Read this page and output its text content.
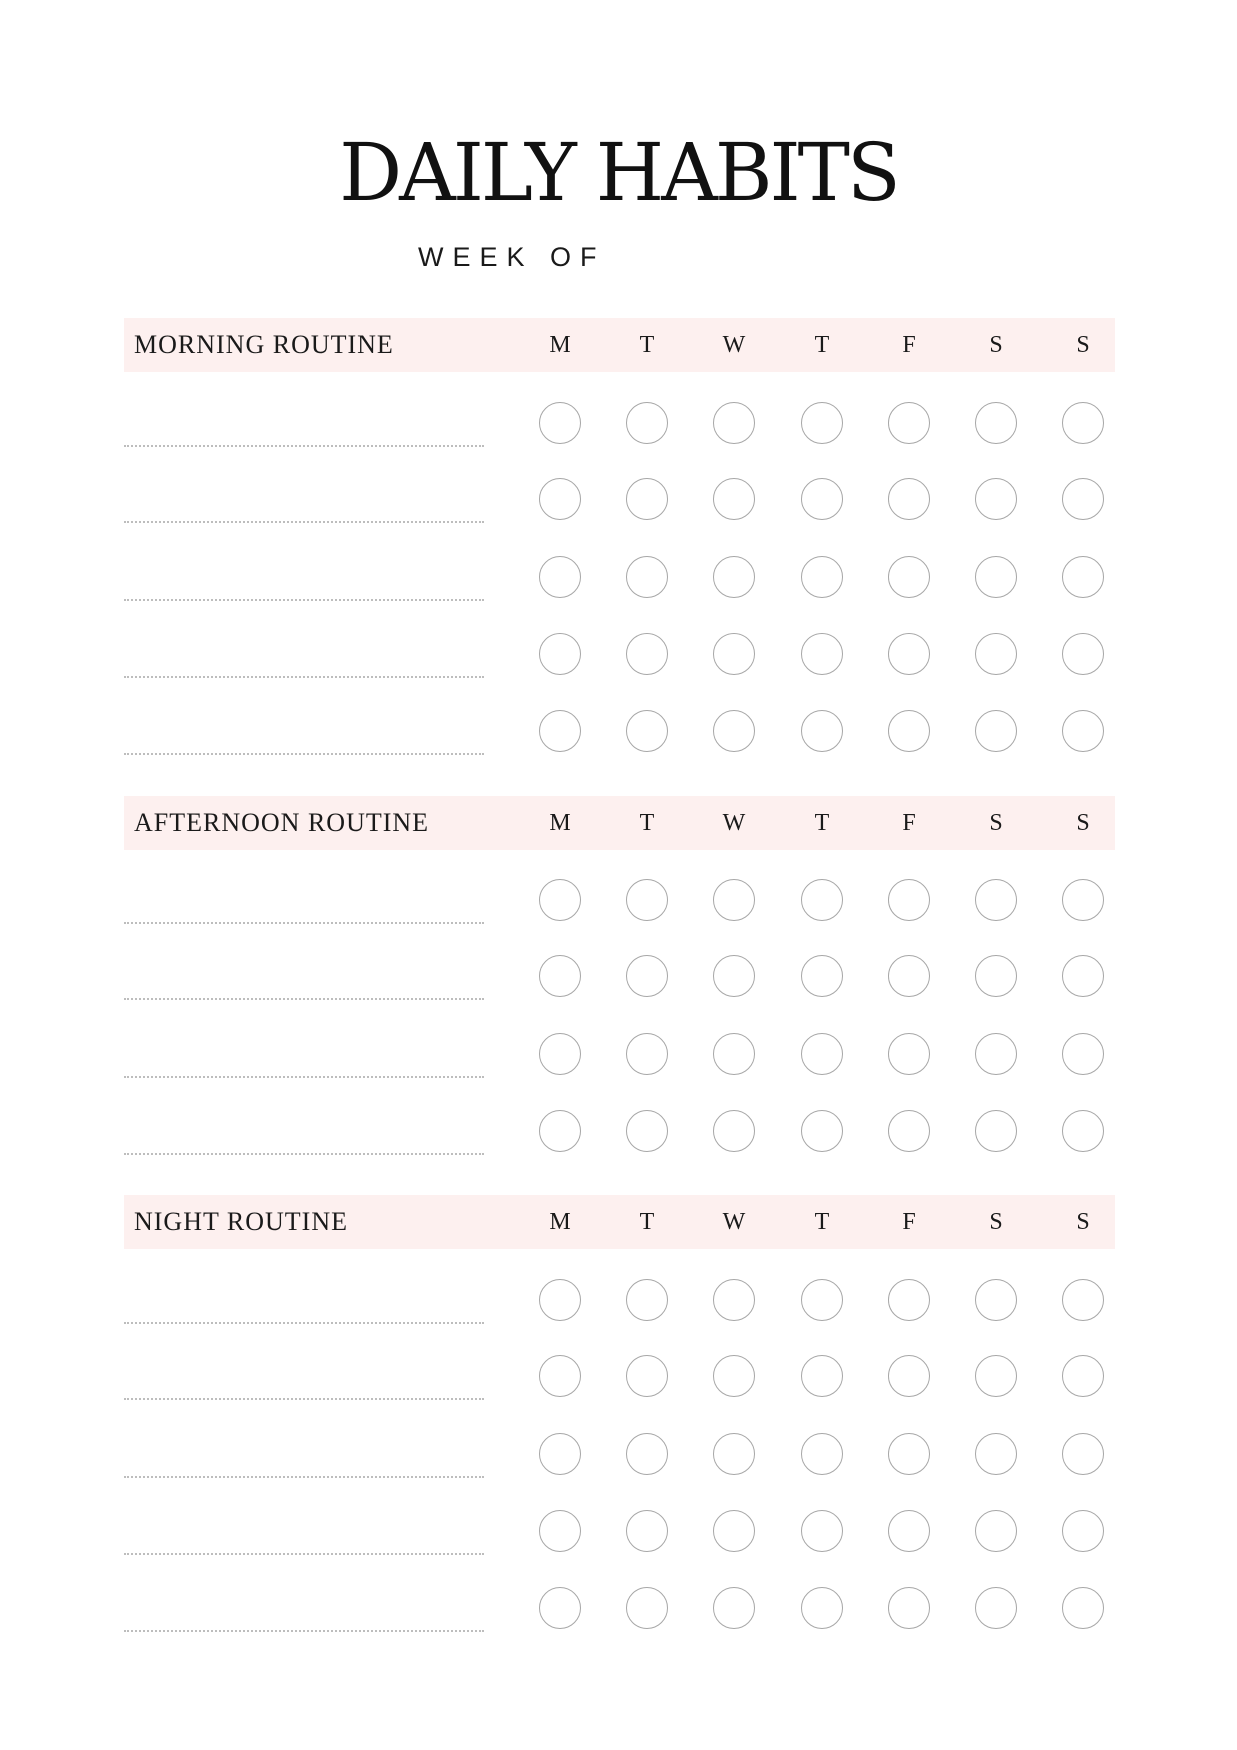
DAILY HABITS
WEEK OF
MORNING ROUTINE	M	T	W	T	F	S	S
AFTERNOON ROUTINE	M	T	W	T	F	S	S
NIGHT ROUTINE	M	T	W	T	F	S	S
